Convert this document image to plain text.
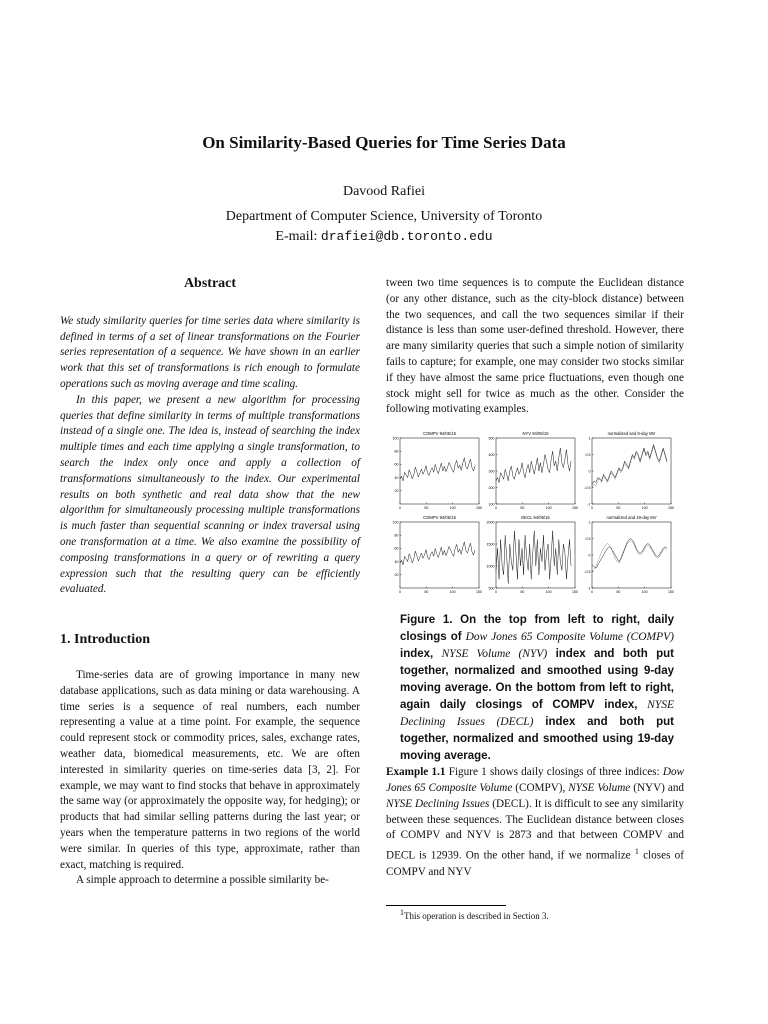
On Similarity-Based Queries for Time Series Data
Davood Rafiei
Department of Computer Science, University of Toronto
E-mail: drafiei@db.toronto.edu
Abstract

We study similarity queries for time series data where similarity is defined in terms of a set of linear transformations on the Fourier series representation of a sequence. We have shown in an earlier work that this set of transformations is rich enough to formulate operations such as moving average and time scaling.

In this paper, we present a new algorithm for processing queries that define similarity in terms of multiple transformations instead of a single one. The idea is, instead of searching the index multiple times and each time applying a single transformation, to search the index only once and apply a collection of transformations simultaneously to the index. Our experimental results on both synthetic and real data show that the new algorithm for simultaneously processing multiple transformations is much faster than sequential scanning or index traversal using one transformation at a time. We also examine the possibility of composing transformations in a query or of rewriting a query expression such that the resulting query can be efficiently evaluated.

1. Introduction

Time-series data are of growing importance in many new database applications, such as data mining or data warehousing. A time series is a sequence of real numbers, each number representing a value at a time point. For example, the sequence could represent stock or commodity prices, sales, exchange rates, weather data, biomedical measurements, etc. We are often interested in similarity queries on time-series data [3, 2]. For example, we may want to find stocks that behave in approximately the same way (or approximately the opposite way, for hedging); or products that had similar selling patterns during the last year; or years when the temperature patterns in two regions of the world were similar. In queries of this type, approximate, rather than exact, matching is required.

A simple approach to determine a possible similarity be-

tween two time sequences is to compute the Euclidean distance (or any other distance, such as the city-block distance) between the two sequences, and call the two sequences similar if their distance is less than some user-defined threshold. However, there are many similarity queries that such a simple notion of similarity fails to capture; for example, one may consider two stocks similar if they have almost the same price fluctuations, even though one stock might sell for twice as much as the other. Consider the following motivating examples.

COMPV 94/05/15
100
80
60
40
20
0	50	100	150
NYV 94/05/15
500
400
300
200
100
0	50	100	150
normalized and 9-day MV
1
0.5
0
-0.5
-1
0	50	100	150

COMPV 94/05/15
100
80
60
40
20
0	50	100	150
DECL 94/05/15
2000
1500
1000
500
0	50	100	150
normalized and 19-day MV
1
0.5
0
-0.5
-1
0	50	100	150
Figure 1. On the top from left to right, daily closings of Dow Jones 65 Composite Volume (COMPV) index, NYSE Volume (NYV) index and both put together, normalized and smoothed using 9-day moving average. On the bottom from left to right, again daily closings of COMPV index, NYSE Declining Issues (DECL) index and both put together, normalized and smoothed using 19-day moving average.

Example 1.1 Figure 1 shows daily closings of three indices: Dow Jones 65 Composite Volume (COMPV), NYSE Volume (NYV) and NYSE Declining Issues (DECL). It is difficult to see any similarity between these sequences. The Euclidean distance between closes of COMPV and NYV is 2873 and that between COMPV and DECL is 12939. On the other hand, if we normalize $^1$ closes of COMPV and NYV

$^1$This operation is described in Section 3.
